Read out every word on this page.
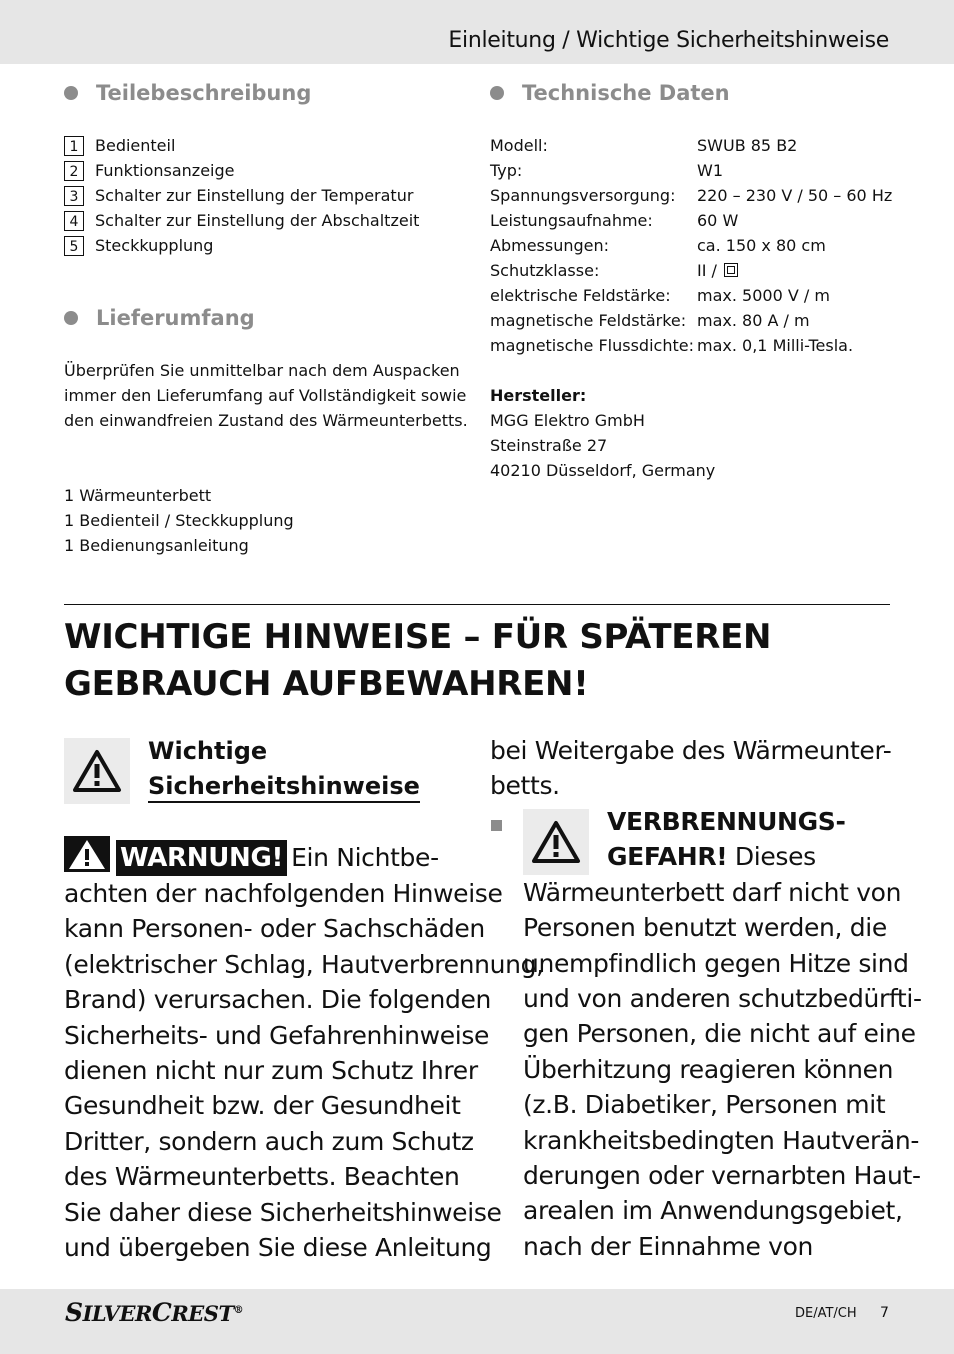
Einleitung / Wichtige Sicherheitshinweise
Teilebeschreibung
1	Bedienteil
2	Funktionsanzeige
3	Schalter zur Einstellung der Temperatur
4	Schalter zur Einstellung der Abschaltzeit
5	Steckkupplung
Lieferumfang
Überprüfen Sie unmittelbar nach dem Auspacken
immer den Lieferumfang auf Vollständigkeit sowie
den einwandfreien Zustand des Wärmeunterbetts.
1 Wärmeunterbett
1 Bedienteil / Steckkupplung
1 Bedienungsanleitung
Technische Daten
Modell:	SWUB 85 B2
Typ:	W1
Spannungsversorgung:	220 – 230 V / 50 – 60 Hz
Leistungsaufnahme:	60 W
Abmessungen:	ca. 150 x 80 cm
Schutzklasse:	II /
elektrische Feldstärke:	max. 5000 V / m
magnetische Feldstärke: max. 80 A / m
magnetische Flussdichte: max. 0,1 Milli-Tesla.
Hersteller:
MGG Elektro GmbH
Steinstraße 27
40210 Düsseldorf, Germany
WICHTIGE HINWEISE – FÜR SPÄTEREN
GEBRAUCH AUFBEWAHREN!
Wichtige
Sicherheitshinweise
WARNUNG! Ein Nichtbe-
achten der nachfolgenden Hinweise
kann Personen- oder Sachschäden
(elektrischer Schlag, Hautverbrennung,
Brand) verursachen. Die folgenden
Sicherheits- und Gefahrenhinweise
dienen nicht nur zum Schutz Ihrer
Gesundheit bzw. der Gesundheit
Dritter, sondern auch zum Schutz
des Wärmeunterbetts. Beachten
Sie daher diese Sicherheitshinweise
und übergeben Sie diese Anleitung
bei Weitergabe des Wärmeunter-
betts.
VERBRENNUNGS-
GEFAHR! Dieses
Wärmeunterbett darf nicht von
Personen benutzt werden, die
unempfindlich gegen Hitze sind
und von anderen schutzbedürfti-
gen Personen, die nicht auf eine
Überhitzung reagieren können
(z.B. Diabetiker, Personen mit
krankheitsbedingten Hautverän-
derungen oder vernarbten Haut-
arealen im Anwendungsgebiet,
nach der Einnahme von
SILVERCREST®	DE/AT/CH 7
